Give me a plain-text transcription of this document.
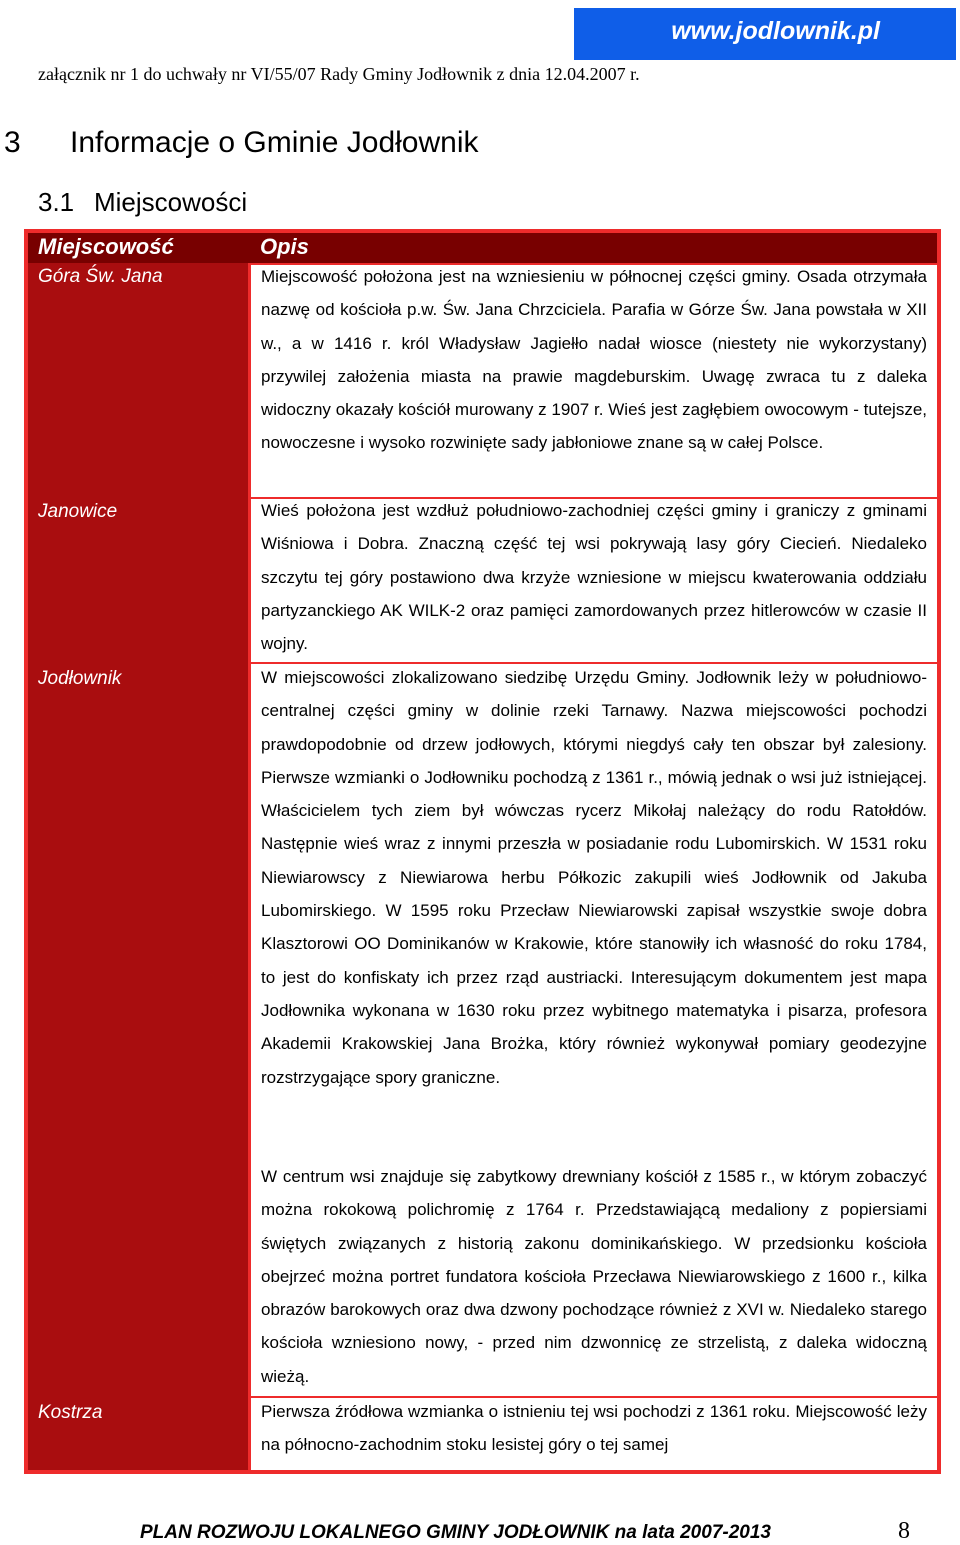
www.jodlownik.pl
załącznik nr 1 do uchwały nr VI/55/07 Rady Gminy Jodłownik z dnia 12.04.2007 r.
3 Informacje o Gminie Jodłownik
3.1 Miejscowości
Miejscowość	Opis
Góra Św. Jana	Miejscowość położona jest na wzniesieniu w północnej części gminy. Osada otrzymała nazwę od kościoła p.w. Św. Jana Chrzciciela. Parafia w Górze Św. Jana powstała w XII w., a w 1416 r. król Władysław Jagiełło nadał wiosce (niestety nie wykorzystany) przywilej założenia miasta na prawie magdeburskim. Uwagę zwraca tu z daleka widoczny okazały kościół murowany z 1907 r. Wieś jest zagłębiem owocowym - tutejsze, nowoczesne i wysoko rozwinięte sady jabłoniowe znane są w całej Polsce.
Janowice	Wieś położona jest wzdłuż południowo-zachodniej części gminy i graniczy z gminami Wiśniowa i Dobra. Znaczną część tej wsi pokrywają lasy góry Ciecień. Niedaleko szczytu tej góry postawiono dwa krzyże wzniesione w miejscu kwaterowania oddziału partyzanckiego AK WILK-2 oraz pamięci zamordowanych przez hitlerowców w czasie II wojny.
Jodłownik	W miejscowości zlokalizowano siedzibę Urzędu Gminy. Jodłownik leży w południowo-centralnej części gminy w dolinie rzeki Tarnawy. Nazwa miejscowości pochodzi prawdopodobnie od drzew jodłowych, którymi niegdyś cały ten obszar był zalesiony. Pierwsze wzmianki o Jodłowniku pochodzą z 1361 r., mówią jednak o wsi już istniejącej. Właścicielem tych ziem był wówczas rycerz Mikołaj należący do rodu Ratołdów. Następnie wieś wraz z innymi przeszła w posiadanie rodu Lubomirskich. W 1531 roku Niewiarowscy z Niewiarowa herbu Półkozic zakupili wieś Jodłownik od Jakuba Lubomirskiego. W 1595 roku Przecław Niewiarowski zapisał wszystkie swoje dobra Klasztorowi OO Dominikanów w Krakowie, które stanowiły ich własność do roku 1784, to jest do konfiskaty ich przez rząd austriacki. Interesującym dokumentem jest mapa Jodłownika wykonana w 1630 roku przez wybitnego matematyka i pisarza, profesora Akademii Krakowskiej Jana Brożka, który również wykonywał pomiary geodezyjne rozstrzygające spory graniczne.
W centrum wsi znajduje się zabytkowy drewniany kościół z 1585 r., w którym zobaczyć można rokokową polichromię z 1764 r. Przedstawiającą medaliony z popiersiami świętych związanych z historią zakonu dominikańskiego. W przedsionku kościoła obejrzeć można portret fundatora kościoła Przecława Niewiarowskiego z 1600 r., kilka obrazów barokowych oraz dwa dzwony pochodzące również z XVI w. Niedaleko starego kościoła wzniesiono nowy, - przed nim dzwonnicę ze strzelistą, z daleka widoczną wieżą.
Kostrza	Pierwsza źródłowa wzmianka o istnieniu tej wsi pochodzi z 1361 roku. Miejscowość leży na północno-zachodnim stoku lesistej góry o tej samej
PLAN ROZWOJU LOKALNEGO GMINY JODŁOWNIK na lata 2007-2013	8
